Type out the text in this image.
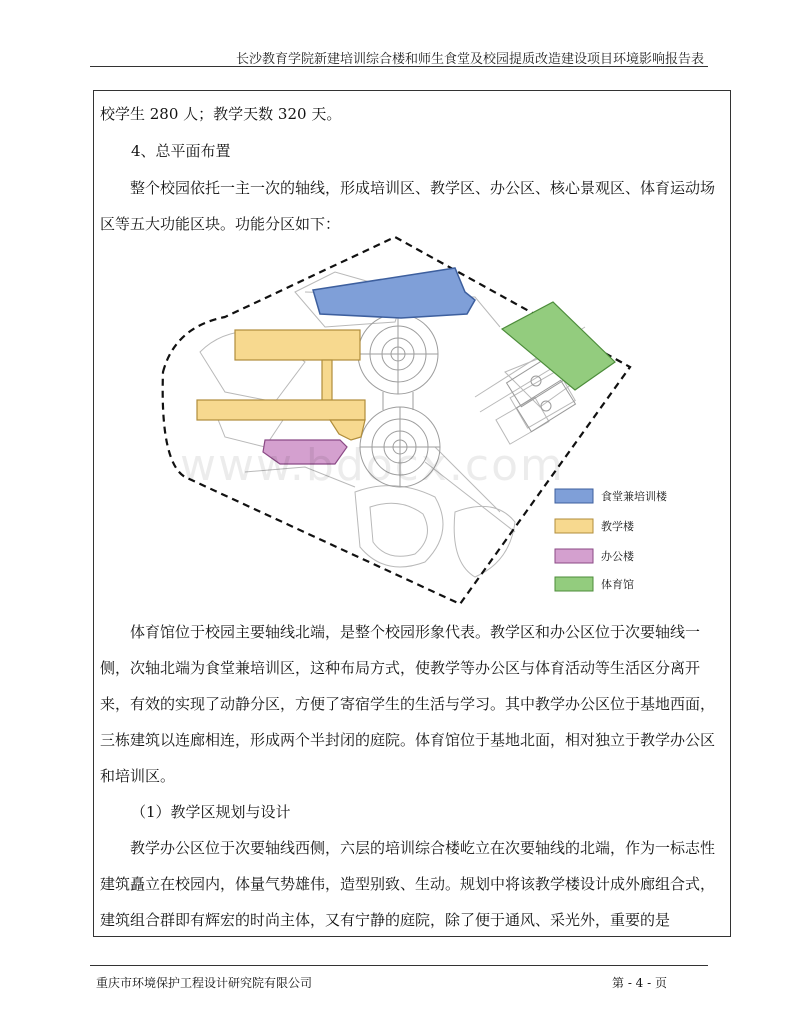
长沙教育学院新建培训综合楼和师生食堂及校园提质改造建设项目环境影响报告表

校学生 280 人；教学天数 320 天。

4、总平面布置

整个校园依托一主一次的轴线，形成培训区、教学区、办公区、核心景观区、体育运动场区等五大功能区块。功能分区如下：

食堂兼培训楼
教学楼
办公楼
体育馆
www.bdocx.com

体育馆位于校园主要轴线北端，是整个校园形象代表。教学区和办公区位于次要轴线一侧，次轴北端为食堂兼培训区，这种布局方式，使教学等办公区与体育活动等生活区分离开来，有效的实现了动静分区，方便了寄宿学生的生活与学习。其中教学办公区位于基地西面，三栋建筑以连廊相连，形成两个半封闭的庭院。体育馆位于基地北面，相对独立于教学办公区和培训区。

（1）教学区规划与设计

教学办公区位于次要轴线西侧，六层的培训综合楼屹立在次要轴线的北端，作为一标志性建筑矗立在校园内，体量气势雄伟，造型别致、生动。规划中将该教学楼设计成外廊组合式，建筑组合群即有辉宏的时尚主体，又有宁静的庭院，除了便于通风、采光外，重要的是

重庆市环境保护工程设计研究院有限公司	第 - 4 - 页
